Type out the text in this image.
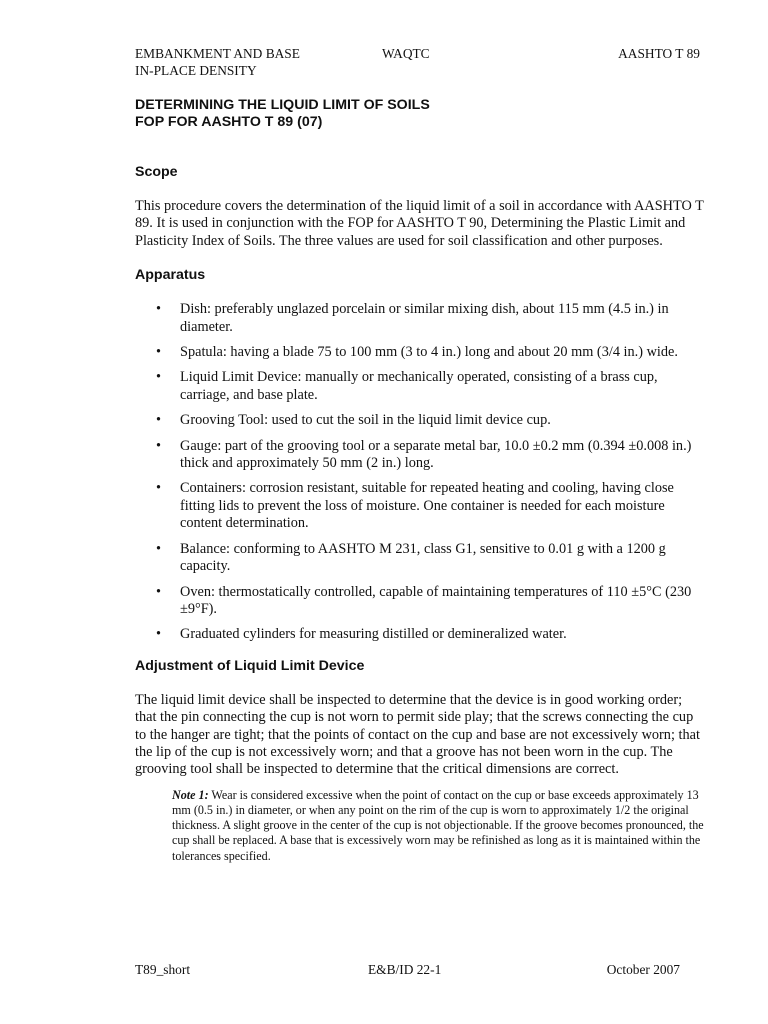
EMBANKMENT AND BASE
IN-PLACE DENSITY
WAQTC	AASHTO T 89

DETERMINING THE LIQUID LIMIT OF SOILS

FOP FOR AASHTO T 89 (07)

Scope

This procedure covers the determination of the liquid limit of a soil in accordance with AASHTO T 89. It is used in conjunction with the FOP for AASHTO T 90, Determining the Plastic Limit and Plasticity Index of Soils. The three values are used for soil classification and other purposes.

Apparatus
• Dish: preferably unglazed porcelain or similar mixing dish, about 115 mm (4.5 in.) in diameter.
• Spatula: having a blade 75 to 100 mm (3 to 4 in.) long and about 20 mm (3/4 in.) wide.
• Liquid Limit Device: manually or mechanically operated, consisting of a brass cup, carriage, and base plate.
• Grooving Tool: used to cut the soil in the liquid limit device cup.
• Gauge: part of the grooving tool or a separate metal bar, 10.0 ±0.2 mm (0.394 ±0.008 in.) thick and approximately 50 mm (2 in.) long.
• Containers: corrosion resistant, suitable for repeated heating and cooling, having close fitting lids to prevent the loss of moisture. One container is needed for each moisture content determination.
• Balance: conforming to AASHTO M 231, class G1, sensitive to 0.01 g with a 1200 g capacity.
• Oven: thermostatically controlled, capable of maintaining temperatures of 110 ±5°C (230 ±9°F).
• Graduated cylinders for measuring distilled or demineralized water.
Adjustment of Liquid Limit Device

The liquid limit device shall be inspected to determine that the device is in good working order; that the pin connecting the cup is not worn to permit side play; that the screws connecting the cup to the hanger are tight; that the points of contact on the cup and base are not excessively worn; that the lip of the cup is not excessively worn; and that a groove has not been worn in the cup. The grooving tool shall be inspected to determine that the critical dimensions are correct.

Note 1: Wear is considered excessive when the point of contact on the cup or base exceeds approximately 13 mm (0.5 in.) in diameter, or when any point on the rim of the cup is worn to approximately 1/2 the original thickness. A slight groove in the center of the cup is not objectionable. If the groove becomes pronounced, the cup shall be replaced. A base that is excessively worn may be refinished as long as it is maintained within the tolerances specified.
T89_short	E&B/ID 22-1	October 2007
